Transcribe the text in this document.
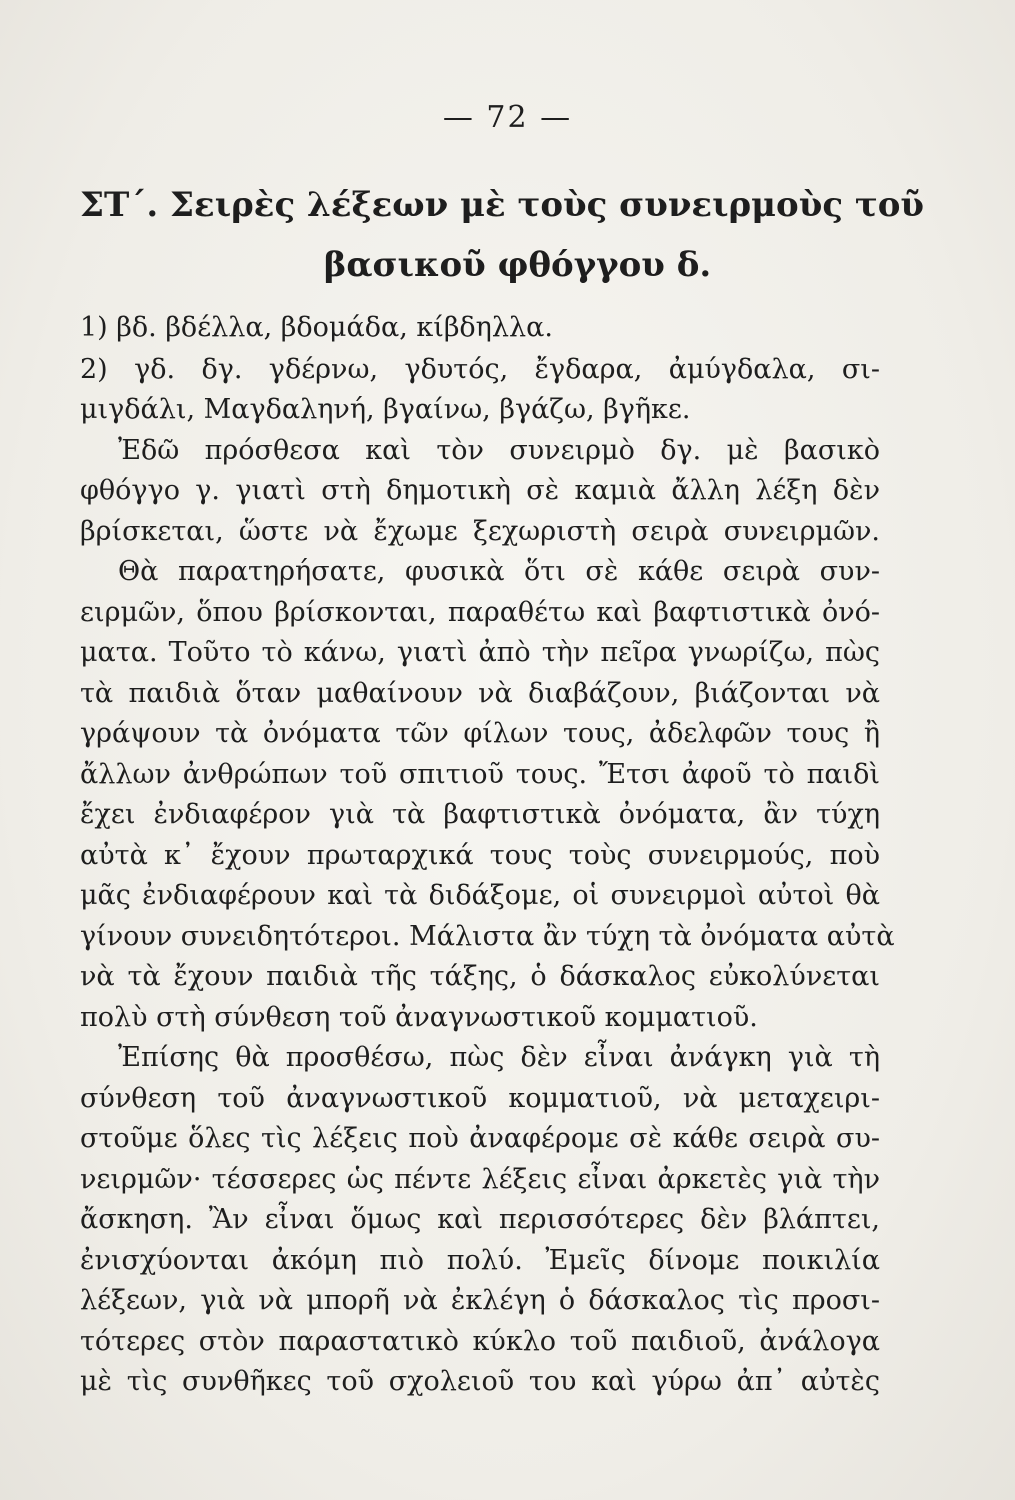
— 72 —
ΣΤ΄. Σειρὲς λέξεων μὲ τοὺς συνειρμοὺς τοῦ
βασικοῦ φθόγγου δ.
1) βδ. βδέλλα, βδομάδα, κίβδηλλα.
2) γδ. δγ. γδέρνω, γδυτός, ἔγδαρα, ἀμύγδαλα, σι-
μιγδάλι, Μαγδαληνή, βγαίνω, βγάζω, βγῆκε.
Ἐδῶ πρόσθεσα καὶ τὸν συνειρμὸ δγ. μὲ βασικὸ
φθόγγο γ. γιατὶ στὴ δημοτικὴ σὲ καμιὰ ἄλλη λέξη δὲν
βρίσκεται, ὥστε νὰ ἔχωμε ξεχωριστὴ σειρὰ συνειρμῶν.
Θὰ παρατηρήσατε, φυσικὰ ὅτι σὲ κάθε σειρὰ συν-
ειρμῶν, ὅπου βρίσκονται, παραθέτω καὶ βαφτιστικὰ ὀνό-
ματα. Τοῦτο τὸ κάνω, γιατὶ ἀπὸ τὴν πεῖρα γνωρίζω, πὼς
τὰ παιδιὰ ὅταν μαθαίνουν νὰ διαβάζουν, βιάζονται νὰ
γράψουν τὰ ὀνόματα τῶν φίλων τους, ἀδελφῶν τους ἢ
ἄλλων ἀνθρώπων τοῦ σπιτιοῦ τους. Ἔτσι ἀφοῦ τὸ παιδὶ
ἔχει ἐνδιαφέρον γιὰ τὰ βαφτιστικὰ ὀνόματα, ἂν τύχη
αὐτὰ κ᾿ ἔχουν πρωταρχικά τους τοὺς συνειρμούς, ποὺ
μᾶς ἐνδιαφέρουν καὶ τὰ διδάξομε, οἱ συνειρμοὶ αὐτοὶ θὰ
γίνουν συνειδητότεροι. Μάλιστα ἂν τύχη τὰ ὀνόματα αὐτὰ
νὰ τὰ ἔχουν παιδιὰ τῆς τάξης, ὁ δάσκαλος εὐκολύνεται
πολὺ στὴ σύνθεση τοῦ ἀναγνωστικοῦ κομματιοῦ.
Ἐπίσης θὰ προσθέσω, πὼς δὲν εἶναι ἀνάγκη γιὰ τὴ
σύνθεση τοῦ ἀναγνωστικοῦ κομματιοῦ, νὰ μεταχειρι-
στοῦμε ὅλες τὶς λέξεις ποὺ ἀναφέρομε σὲ κάθε σειρὰ συ-
νειρμῶν· τέσσερες ὡς πέντε λέξεις εἶναι ἀρκετὲς γιὰ τὴν
ἄσκηση. Ἂν εἶναι ὅμως καὶ περισσότερες δὲν βλάπτει,
ἐνισχύονται ἀκόμη πιὸ πολύ. Ἐμεῖς δίνομε ποικιλία
λέξεων, γιὰ νὰ μπορῆ νὰ ἐκλέγη ὁ δάσκαλος τὶς προσι-
τότερες στὸν παραστατικὸ κύκλο τοῦ παιδιοῦ, ἀνάλογα
μὲ τὶς συνθῆκες τοῦ σχολειοῦ του καὶ γύρω ἀπ᾿ αὐτὲς
